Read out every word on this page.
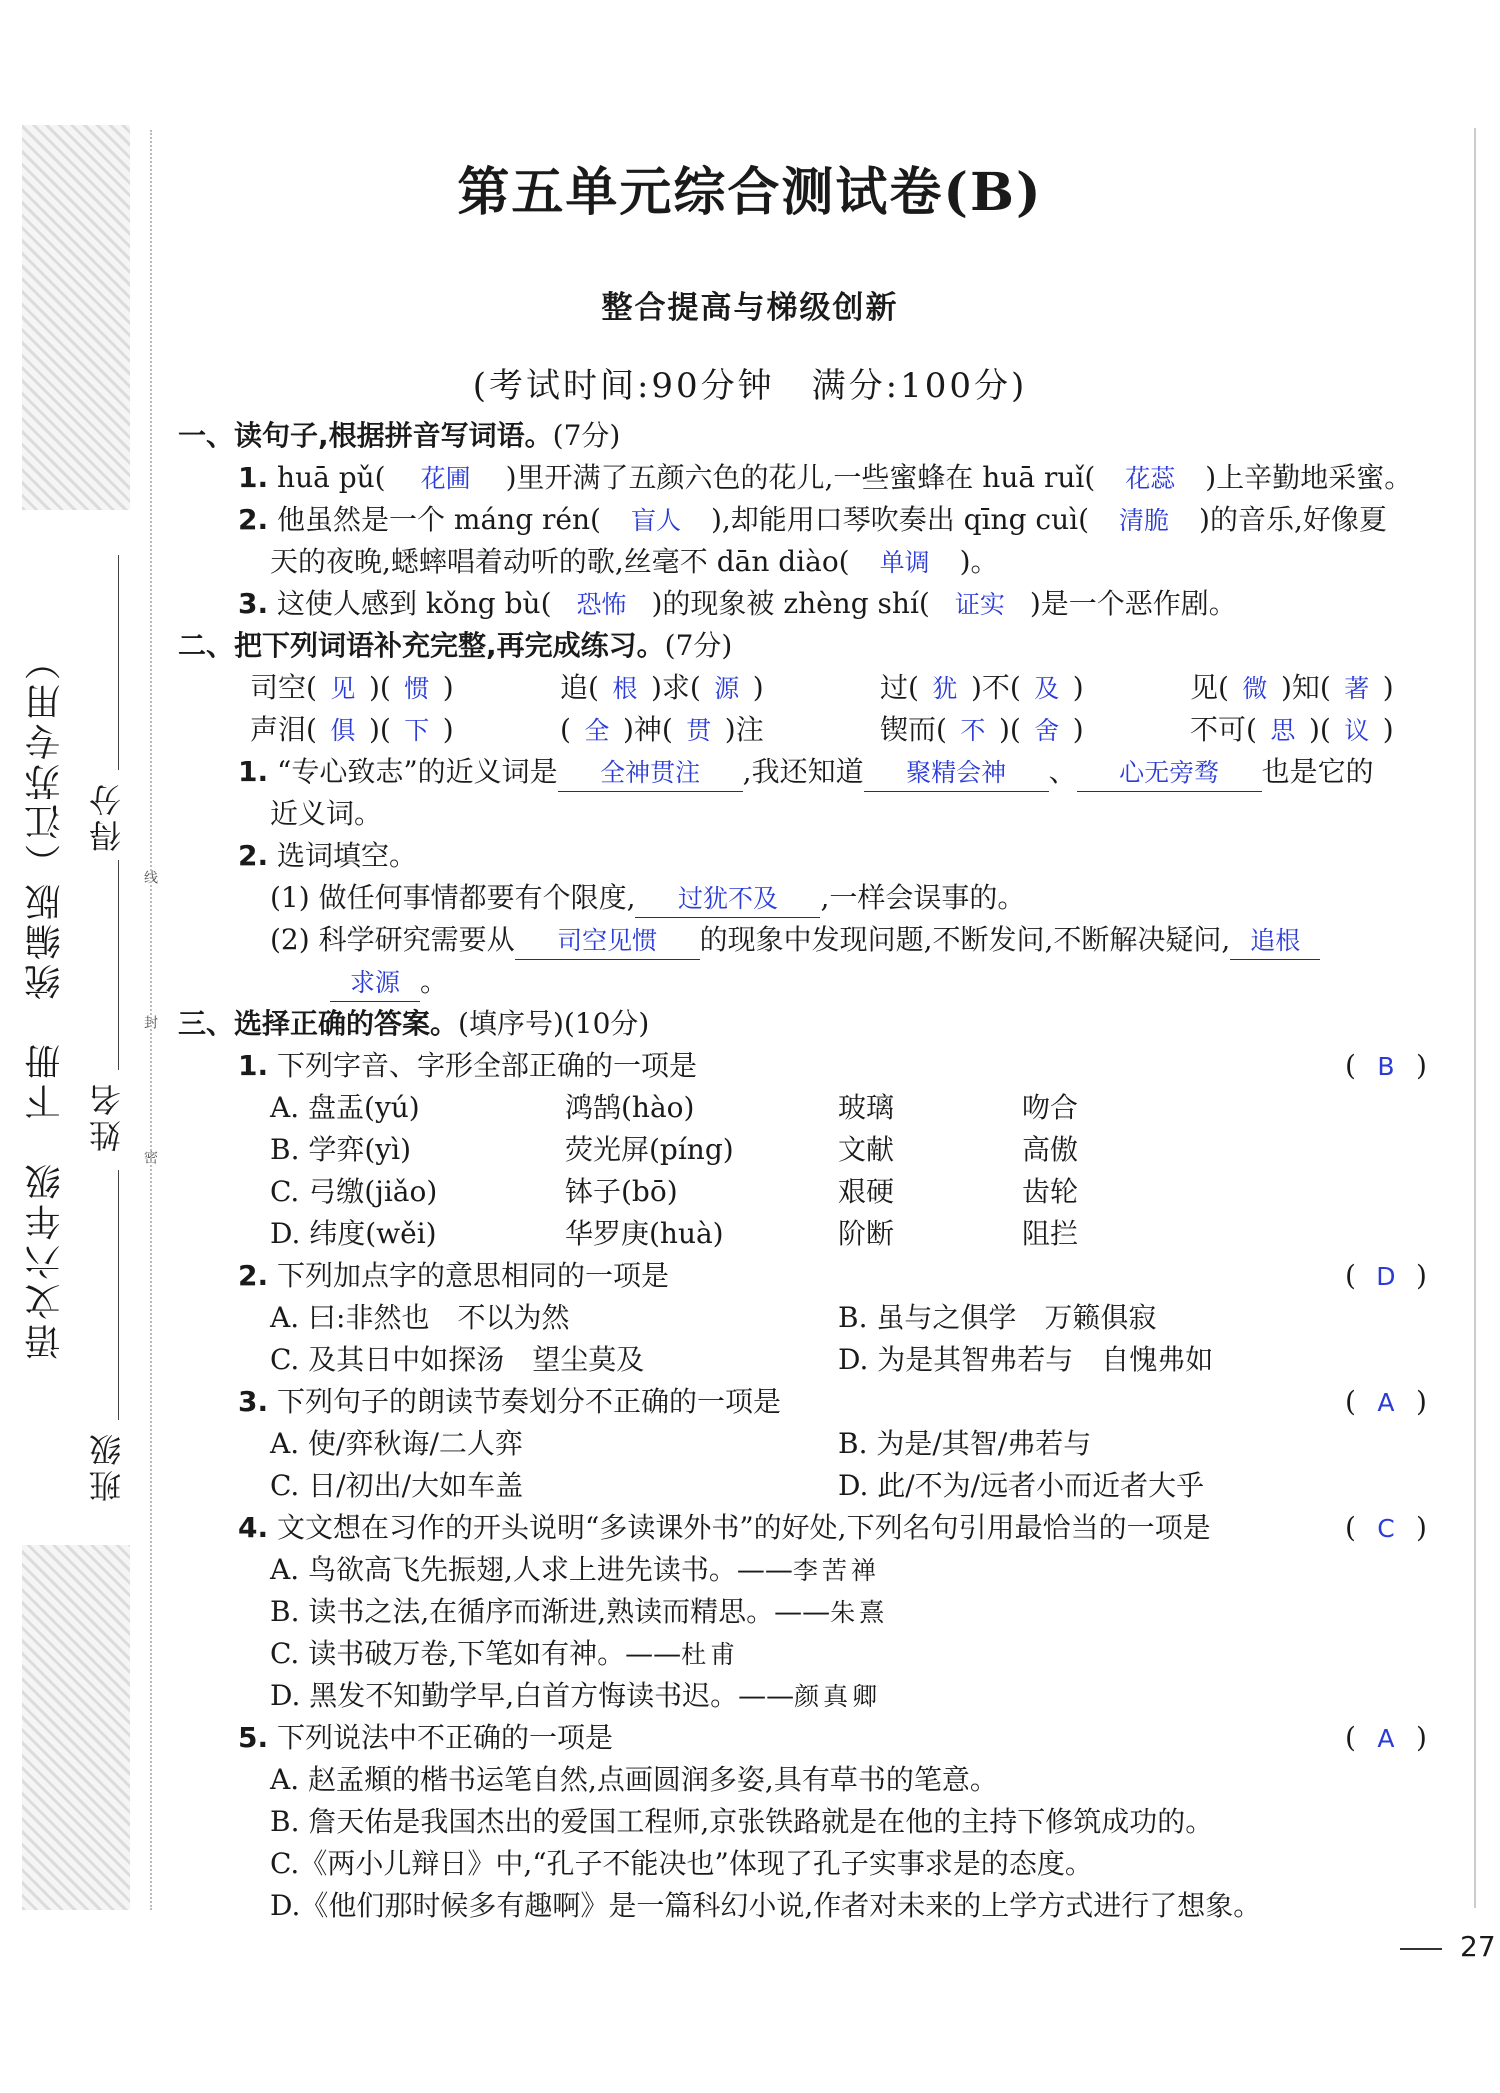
语文六年级　下册　统编版（江苏专用） 得分
姓名
班级
线
封
密
第五单元综合测试卷(B)
整合提高与梯级创新
(考试时间:90分钟　满分:100分)
一、读句子,根据拼音写词语。(7分)
1. huā pǔ( 花圃 )里开满了五颜六色的花儿,一些蜜蜂在 huā ruǐ( 花蕊 )上辛勤地采蜜。
2. 他虽然是一个 máng rén( 盲人 ),却能用口琴吹奏出 qīng cuì( 清脆 )的音乐,好像夏
天的夜晚,蟋蟀唱着动听的歌,丝毫不 dān diào( 单调 )。
3. 这使人感到 kǒng bù( 恐怖 )的现象被 zhèng shí( 证实 )是一个恶作剧。
二、把下列词语补充完整,再完成练习。(7分)
司空( 见 )( 惯 )	追( 根 )求( 源 )	过( 犹 )不( 及 )	见( 微 )知( 著 )
声泪( 俱 )( 下 )	( 全 )神( 贯 )注	锲而( 不 )( 舍 )	不可( 思 )( 议 )
1. “专心致志”的近义词是 全神贯注 ,我还知道 聚精会神 、 心无旁骛 也是它的
近义词。
2. 选词填空。
(1) 做任何事情都要有个限度, 过犹不及 ,一样会误事的。
(2) 科学研究需要从 司空见惯 的现象中发现问题,不断发问,不断解决疑问, 追根
求源 。
三、选择正确的答案。(填序号)(10分)
1. 下列字音、字形全部正确的一项是	( B )
A. 盘盂(yú)	鸿鹄(hào)	玻璃	吻合
B. 学弈(yì)	荧光屏(píng)	文献	高傲
C. 弓缴(jiǎo)	钵子(bō)	艰硬	齿轮
D. 纬度(wěi)	华罗庚(huà)	阶断	阻拦
2. 下列加点字的意思相同的一项是	( D )
A. 曰:非然也　不以为然	B. 虽与之俱学　万籁俱寂
C. 及其日中如探汤　望尘莫及	D. 为是其智弗若与　自愧弗如
3. 下列句子的朗读节奏划分不正确的一项是	( A )
A. 使/弈秋诲/二人弈	B. 为是/其智/弗若与
C. 日/初出/大如车盖	D. 此/不为/远者小而近者大乎
4. 文文想在习作的开头说明“多读课外书”的好处,下列名句引用最恰当的一项是	( C )
A. 鸟欲高飞先振翅,人求上进先读书。——李苦禅
B. 读书之法,在循序而渐进,熟读而精思。——朱熹
C. 读书破万卷,下笔如有神。——杜甫
D. 黑发不知勤学早,白首方悔读书迟。——颜真卿
5. 下列说法中不正确的一项是	( A )
A. 赵孟頫的楷书运笔自然,点画圆润多姿,具有草书的笔意。
B. 詹天佑是我国杰出的爱国工程师,京张铁路就是在他的主持下修筑成功的。
C.《两小儿辩日》中,“孔子不能决也”体现了孔子实事求是的态度。
D.《他们那时候多有趣啊》是一篇科幻小说,作者对未来的上学方式进行了想象。
27
